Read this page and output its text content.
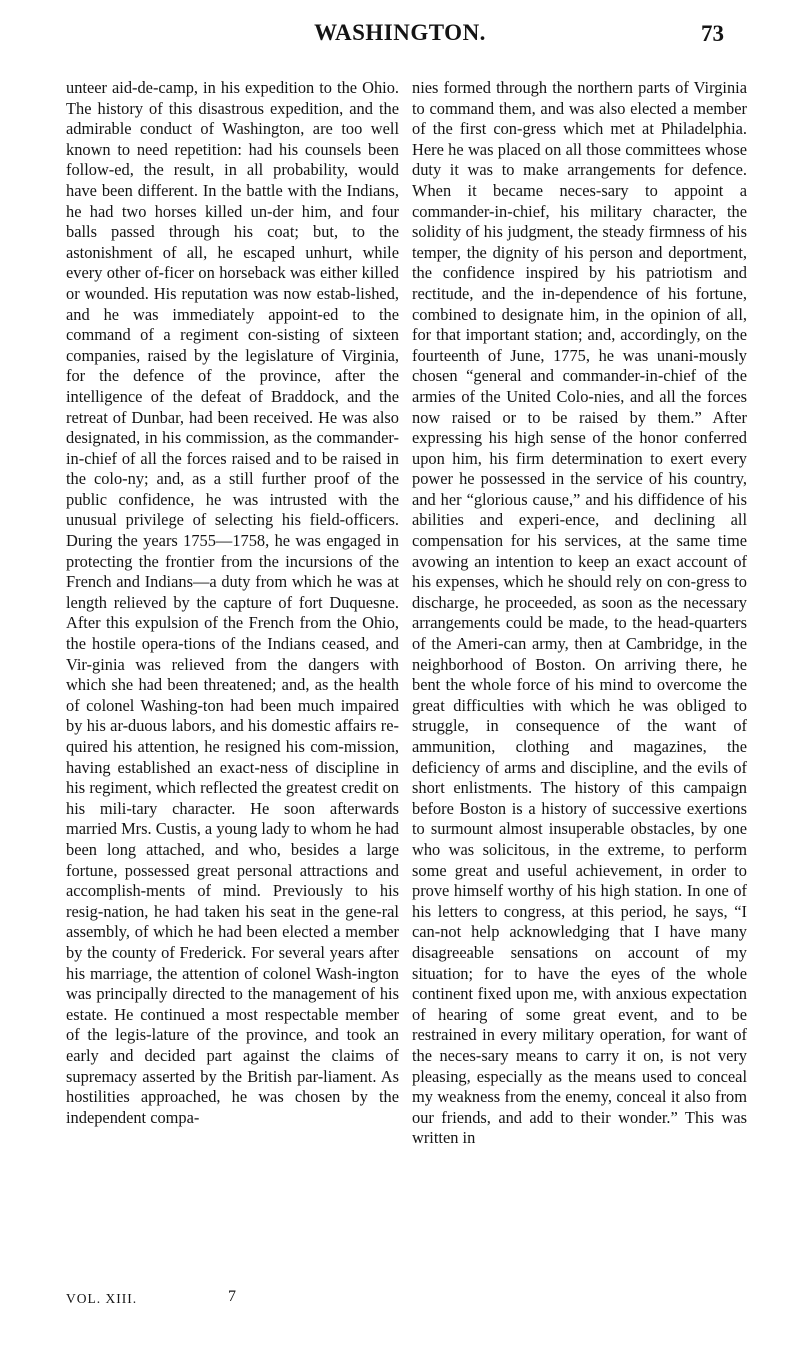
WASHINGTON.	73

unteer aid-de-camp, in his expedition to the Ohio. The history of this disastrous expedition, and the admirable conduct of Washington, are too well known to need repetition: had his counsels been follow-ed, the result, in all probability, would have been different. In the battle with the Indians, he had two horses killed un-der him, and four balls passed through his coat; but, to the astonishment of all, he escaped unhurt, while every other of-ficer on horseback was either killed or wounded. His reputation was now estab-lished, and he was immediately appoint-ed to the command of a regiment con-sisting of sixteen companies, raised by the legislature of Virginia, for the defence of the province, after the intelligence of the defeat of Braddock, and the retreat of Dunbar, had been received. He was also designated, in his commission, as the commander-in-chief of all the forces raised and to be raised in the colo-ny; and, as a still further proof of the public confidence, he was intrusted with the unusual privilege of selecting his field-officers. During the years 1755—1758, he was engaged in protecting the frontier from the incursions of the French and Indians—a duty from which he was at length relieved by the capture of fort Duquesne. After this expulsion of the French from the Ohio, the hostile opera-tions of the Indians ceased, and Vir-ginia was relieved from the dangers with which she had been threatened; and, as the health of colonel Washing-ton had been much impaired by his ar-duous labors, and his domestic affairs re-quired his attention, he resigned his com-mission, having established an exact-ness of discipline in his regiment, which reflected the greatest credit on his mili-tary character. He soon afterwards married Mrs. Custis, a young lady to whom he had been long attached, and who, besides a large fortune, possessed great personal attractions and accomplish-ments of mind. Previously to his resig-nation, he had taken his seat in the gene-ral assembly, of which he had been elected a member by the county of Frederick. For several years after his marriage, the attention of colonel Wash-ington was principally directed to the management of his estate. He continued a most respectable member of the legis-lature of the province, and took an early and decided part against the claims of supremacy asserted by the British par-liament. As hostilities approached, he was chosen by the independent compa-

nies formed through the northern parts of Virginia to command them, and was also elected a member of the first con-gress which met at Philadelphia. Here he was placed on all those committees whose duty it was to make arrangements for defence. When it became neces-sary to appoint a commander-in-chief, his military character, the solidity of his judgment, the steady firmness of his temper, the dignity of his person and deportment, the confidence inspired by his patriotism and rectitude, and the in-dependence of his fortune, combined to designate him, in the opinion of all, for that important station; and, accordingly, on the fourteenth of June, 1775, he was unani-mously chosen “general and commander-in-chief of the armies of the United Colo-nies, and all the forces now raised or to be raised by them.” After expressing his high sense of the honor conferred upon him, his firm determination to exert every power he possessed in the service of his country, and her “glorious cause,” and his diffidence of his abilities and experi-ence, and declining all compensation for his services, at the same time avowing an intention to keep an exact account of his expenses, which he should rely on con-gress to discharge, he proceeded, as soon as the necessary arrangements could be made, to the head-quarters of the Ameri-can army, then at Cambridge, in the neighborhood of Boston. On arriving there, he bent the whole force of his mind to overcome the great difficulties with which he was obliged to struggle, in consequence of the want of ammunition, clothing and magazines, the deficiency of arms and discipline, and the evils of short enlistments. The history of this campaign before Boston is a history of successive exertions to surmount almost insuperable obstacles, by one who was solicitous, in the extreme, to perform some great and useful achievement, in order to prove himself worthy of his high station. In one of his letters to congress, at this period, he says, “I can-not help acknowledging that I have many disagreeable sensations on account of my situation; for to have the eyes of the whole continent fixed upon me, with anxious expectation of hearing of some great event, and to be restrained in every military operation, for want of the neces-sary means to carry it on, is not very pleasing, especially as the means used to conceal my weakness from the enemy, conceal it also from our friends, and add to their wonder.” This was written in

VOL. XIII.	7
